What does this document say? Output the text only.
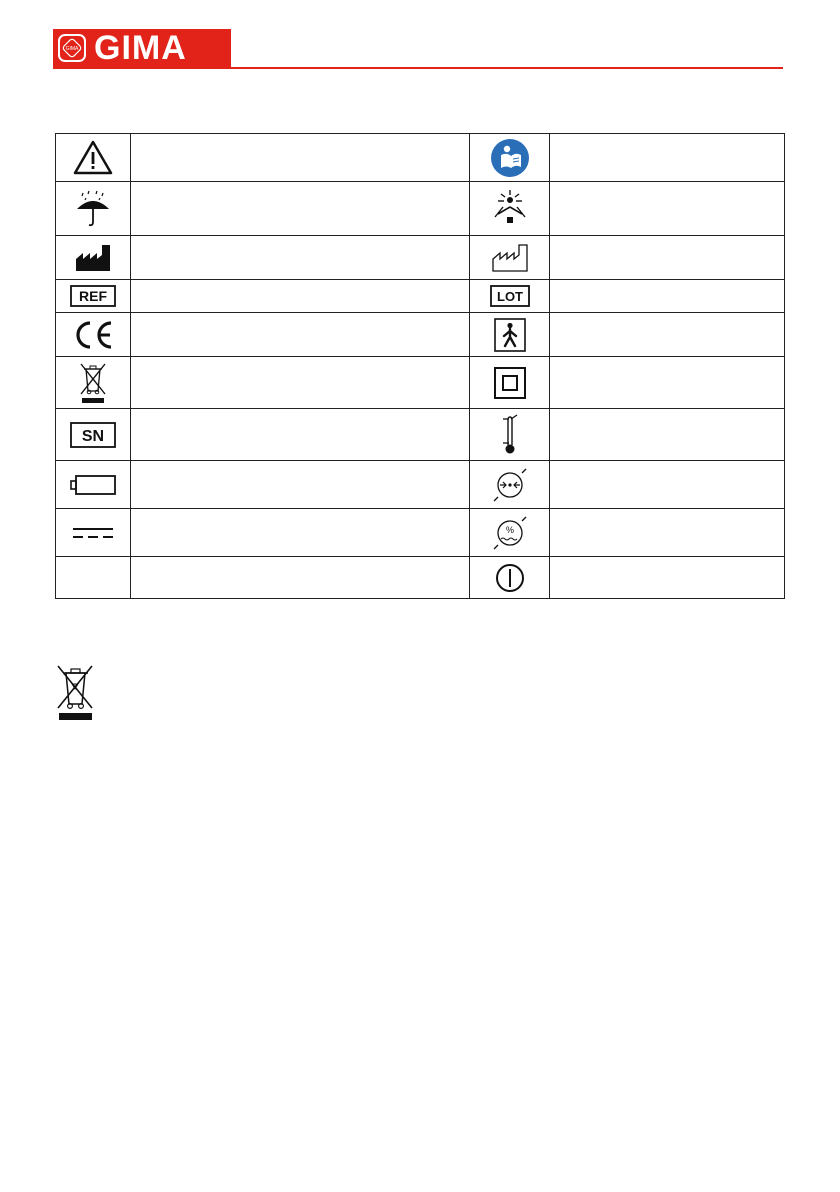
GIMA GIMA

REF		LOT	

SN

%	
